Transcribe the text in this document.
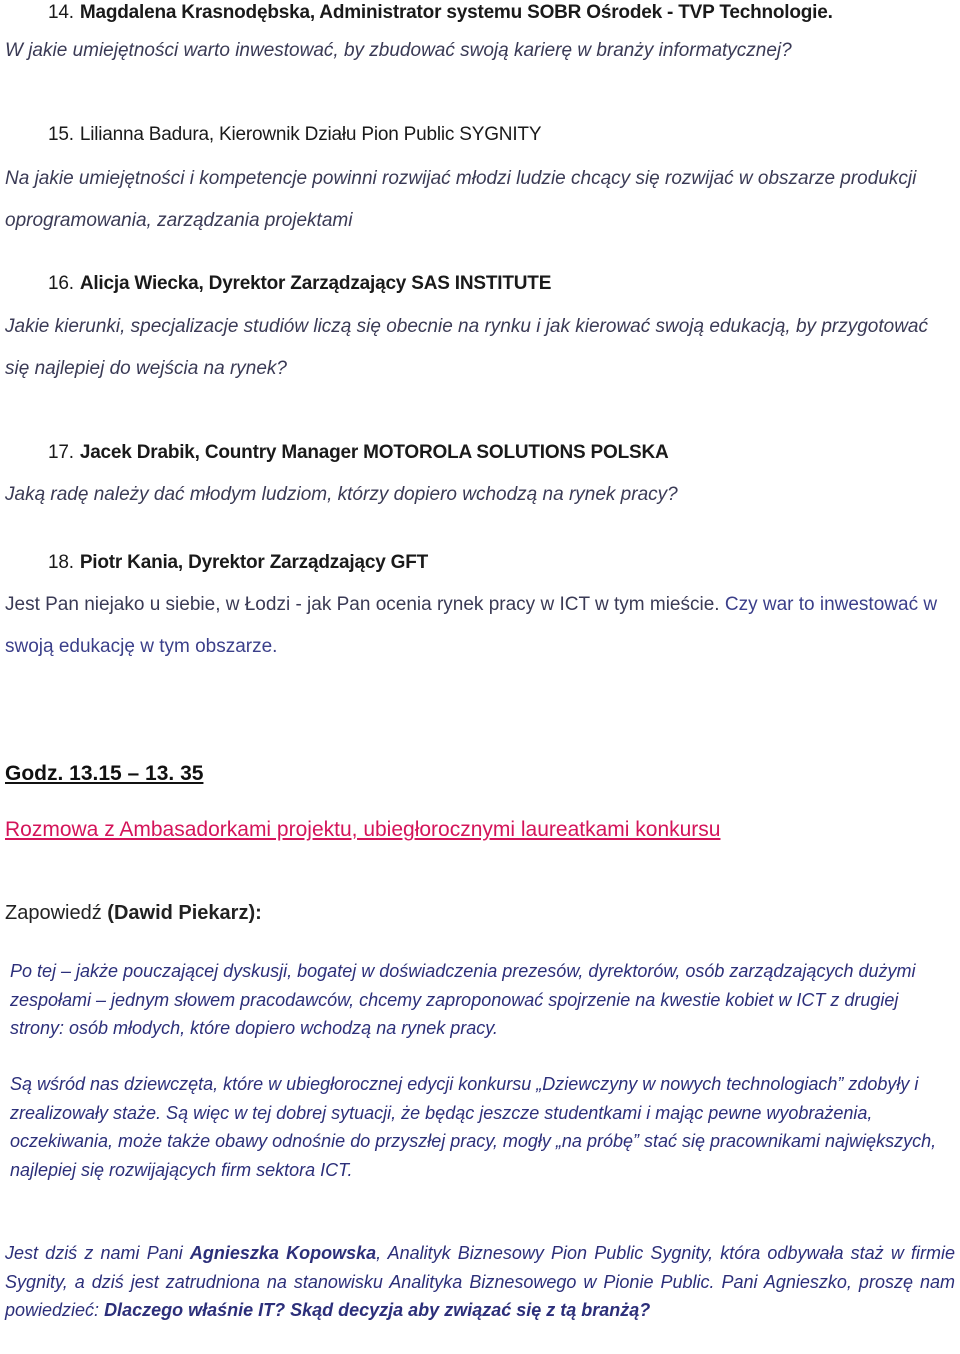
14. Magdalena Krasnodębska, Administrator systemu SOBR Ośrodek - TVP Technologie.
W jakie umiejętności warto inwestować, by zbudować swoją karierę w branży informatycznej?
15. Lilianna Badura, Kierownik Działu Pion Public SYGNITY
Na jakie umiejętności i kompetencje powinni rozwijać młodzi ludzie chcący się rozwijać w obszarze produkcji oprogramowania, zarządzania projektami
16. Alicja Wiecka, Dyrektor Zarządzający SAS INSTITUTE
Jakie kierunki, specjalizacje studiów liczą się obecnie na rynku i jak kierować swoją edukacją, by przygotować się najlepiej do wejścia na rynek?
17. Jacek Drabik, Country Manager MOTOROLA SOLUTIONS POLSKA
Jaką radę należy dać młodym ludziom, którzy dopiero wchodzą na rynek pracy?
18. Piotr Kania, Dyrektor Zarządzający GFT
Jest Pan niejako u siebie, w Łodzi - jak Pan ocenia rynek pracy w ICT w tym mieście. Czy war to inwestować w swoją edukację w tym obszarze.
Godz. 13.15 – 13. 35
Rozmowa z Ambasadorkami projektu, ubiegłorocznymi laureatkami konkursu
Zapowiedź (Dawid Piekarz):
Po tej – jakże pouczającej dyskusji, bogatej w doświadczenia prezesów, dyrektorów, osób zarządzających dużymi zespołami – jednym słowem pracodawców, chcemy zaproponować spojrzenie na kwestie kobiet w ICT z drugiej strony: osób młodych, które dopiero wchodzą na rynek pracy.
Są wśród nas dziewczęta, które w ubiegłorocznej edycji konkursu „Dziewczyny w nowych technologiach” zdobyły i zrealizowały staże. Są więc w tej dobrej sytuacji, że będąc jeszcze studentkami i mając pewne wyobrażenia, oczekiwania, może także obawy odnośnie do przyszłej pracy, mogły „na próbę” stać się pracownikami największych, najlepiej się rozwijających firm sektora ICT.
Jest dziś z nami Pani Agnieszka Kopowska, Analityk Biznesowy Pion Public Sygnity, która odbywała staż w firmie Sygnity, a dziś jest zatrudniona na stanowisku Analityka Biznesowego w Pionie Public. Pani Agnieszko, proszę nam powiedzieć: Dlaczego właśnie IT? Skąd decyzja aby związać się z tą branżą?
